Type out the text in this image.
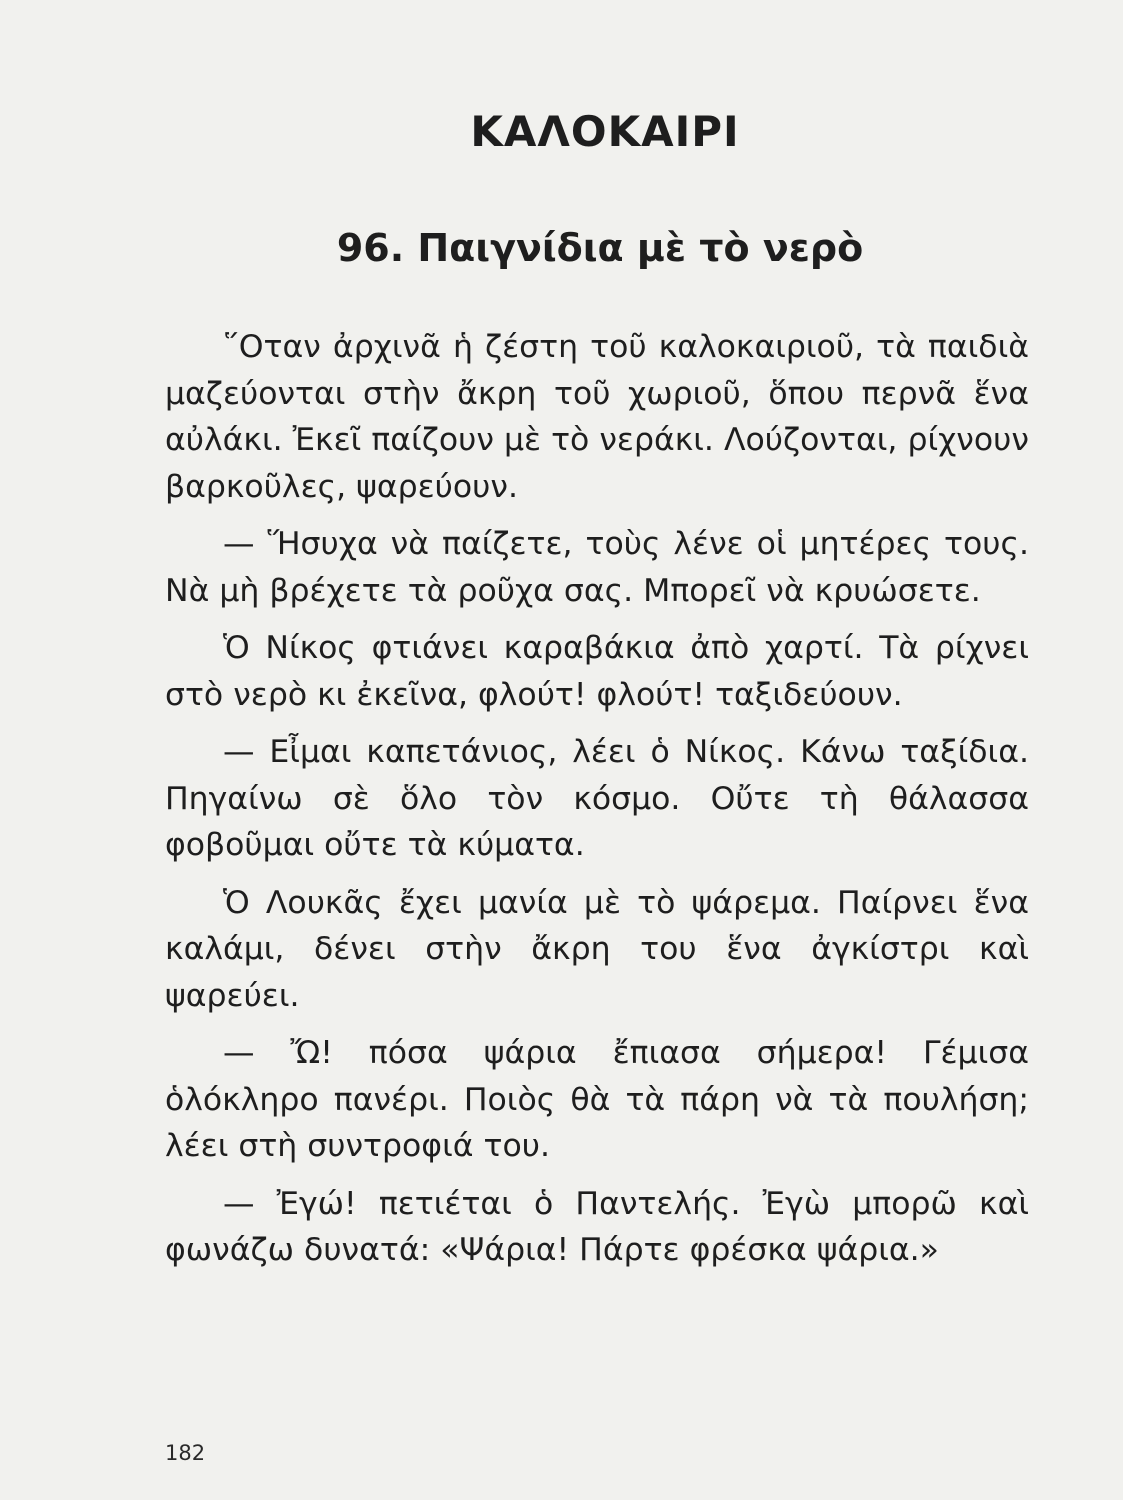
ΚΑΛΟΚΑΙΡΙ
96. Παιγνίδια μὲ τὸ νερὸ

῞Οταν ἀρχινᾶ ἡ ζέστη τοῦ καλοκαιριοῦ, τὰ παιδιὰ μαζεύονται στὴν ἄκρη τοῦ χωριοῦ, ὅπου περνᾶ ἕνα αὐλάκι. Ἐκεῖ παίζουν μὲ τὸ νεράκι. Λούζονται, ρίχνουν βαρκοῦλες, ψαρεύουν.

— Ἥσυχα νὰ παίζετε, τοὺς λένε οἱ μητέρες τους. Νὰ μὴ βρέχετε τὰ ροῦχα σας. Μπορεῖ νὰ κρυώσετε.

Ὁ Νίκος φτιάνει καραβάκια ἀπὸ χαρτί. Τὰ ρίχνει στὸ νερὸ κι ἐκεῖνα, φλούτ! φλούτ! ταξιδεύουν.

— Εἶμαι καπετάνιος, λέει ὁ Νίκος. Κάνω ταξίδια. Πηγαίνω σὲ ὅλο τὸν κόσμο. Οὔτε τὴ θάλασσα φοβοῦμαι οὔτε τὰ κύματα.

Ὁ Λουκᾶς ἔχει μανία μὲ τὸ ψάρεμα. Παίρνει ἕνα καλάμι, δένει στὴν ἄκρη του ἕνα ἀγκίστρι καὶ ψαρεύει.

— Ὤ! πόσα ψάρια ἔπιασα σήμερα! Γέμισα ὁλόκληρο πανέρι. Ποιὸς θὰ τὰ πάρη νὰ τὰ πουλήση; λέει στὴ συντροφιά του.

— Ἐγώ! πετιέται ὁ Παντελής. Ἐγὼ μπορῶ καὶ φωνάζω δυνατά: «Ψάρια! Πάρτε φρέσκα ψάρια.»

182
